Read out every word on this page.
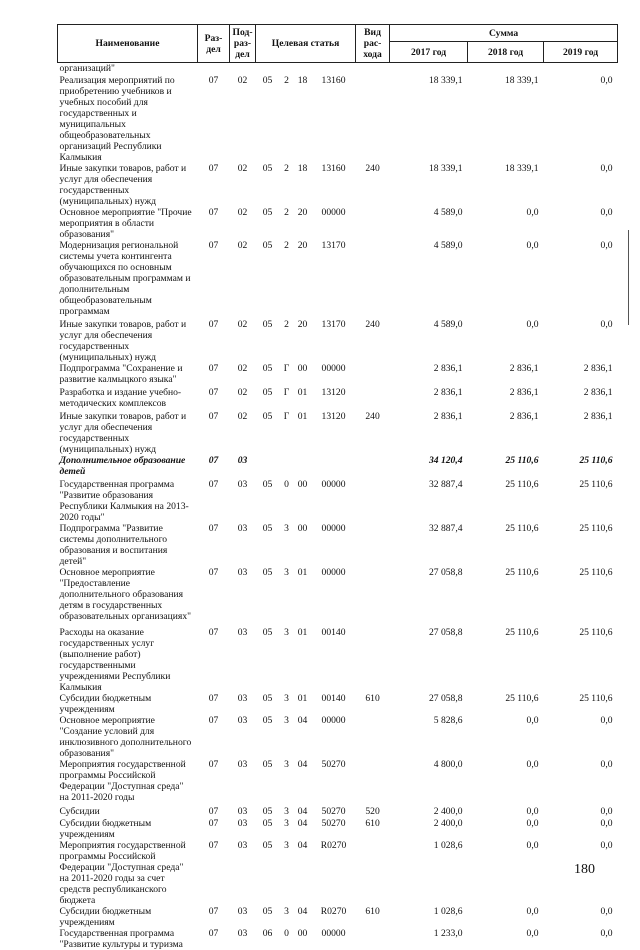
Наименование	Раз-дел	Под-раз-дел	Целевая статья				Вид рас-хода	Сумма		
								2017 год	2018 год	2019 год
организаций"										
Реализация мероприятий по приобретению учебников и учебных пособий для государственных и муниципальных общеобразовательных организаций Республики Калмыкия	07	02	05	2	18	13160		18 339,1	18 339,1	0,0
Иные закупки товаров, работ и услуг для обеспечения государственных (муниципальных) нужд	07	02	05	2	18	13160	240	18 339,1	18 339,1	0,0
Основное мероприятие "Прочие мероприятия в области образования"	07	02	05	2	20	00000		4 589,0	0,0	0,0
Модернизация региональной системы учета контингента обучающихся по основным образовательным программам и дополнительным общеобразовательным программам	07	02	05	2	20	13170		4 589,0	0,0	0,0
Иные закупки товаров, работ и услуг для обеспечения государственных (муниципальных) нужд	07	02	05	2	20	13170	240	4 589,0	0,0	0,0
Подпрограмма "Сохранение и развитие калмыцкого языка"	07	02	05	Г	00	00000		2 836,1	2 836,1	2 836,1
Разработка и издание учебно-методических комплексов	07	02	05	Г	01	13120		2 836,1	2 836,1	2 836,1
Иные закупки товаров, работ и услуг для обеспечения государственных (муниципальных) нужд	07	02	05	Г	01	13120	240	2 836,1	2 836,1	2 836,1
Дополнительное образование детей	07	03						34 120,4	25 110,6	25 110,6
Государственная программа "Развитие образования Республики Калмыкия на 2013-2020 годы"	07	03	05	0	00	00000		32 887,4	25 110,6	25 110,6
Подпрограмма "Развитие системы дополнительного образования и воспитания детей"	07	03	05	3	00	00000		32 887,4	25 110,6	25 110,6
Основное мероприятие "Предоставление дополнительного образования детям в государственных образовательных организациях"	07	03	05	3	01	00000		27 058,8	25 110,6	25 110,6
Расходы на оказание государственных услуг (выполнение работ) государственными учреждениями Республики Калмыкия	07	03	05	3	01	00140		27 058,8	25 110,6	25 110,6
Субсидии бюджетным учреждениям	07	03	05	3	01	00140	610	27 058,8	25 110,6	25 110,6
Основное мероприятие "Создание условий для инклюзивного дополнительного образования"	07	03	05	3	04	00000		5 828,6	0,0	0,0
Мероприятия государственной программы Российской Федерации "Доступная среда" на 2011-2020 годы	07	03	05	3	04	50270		4 800,0	0,0	0,0
Субсидии	07	03	05	3	04	50270	520	2 400,0	0,0	0,0
Субсидии бюджетным учреждениям	07	03	05	3	04	50270	610	2 400,0	0,0	0,0
Мероприятия государственной программы Российской Федерации "Доступная среда" на 2011-2020 годы за счет средств республиканского бюджета	07	03	05	3	04	R0270		1 028,6	0,0	0,0
Субсидии бюджетным учреждениям	07	03	05	3	04	R0270	610	1 028,6	0,0	0,0
Государственная программа "Развитие культуры и туризма	07	03	06	0	00	00000		1 233,0	0,0	0,0
180
